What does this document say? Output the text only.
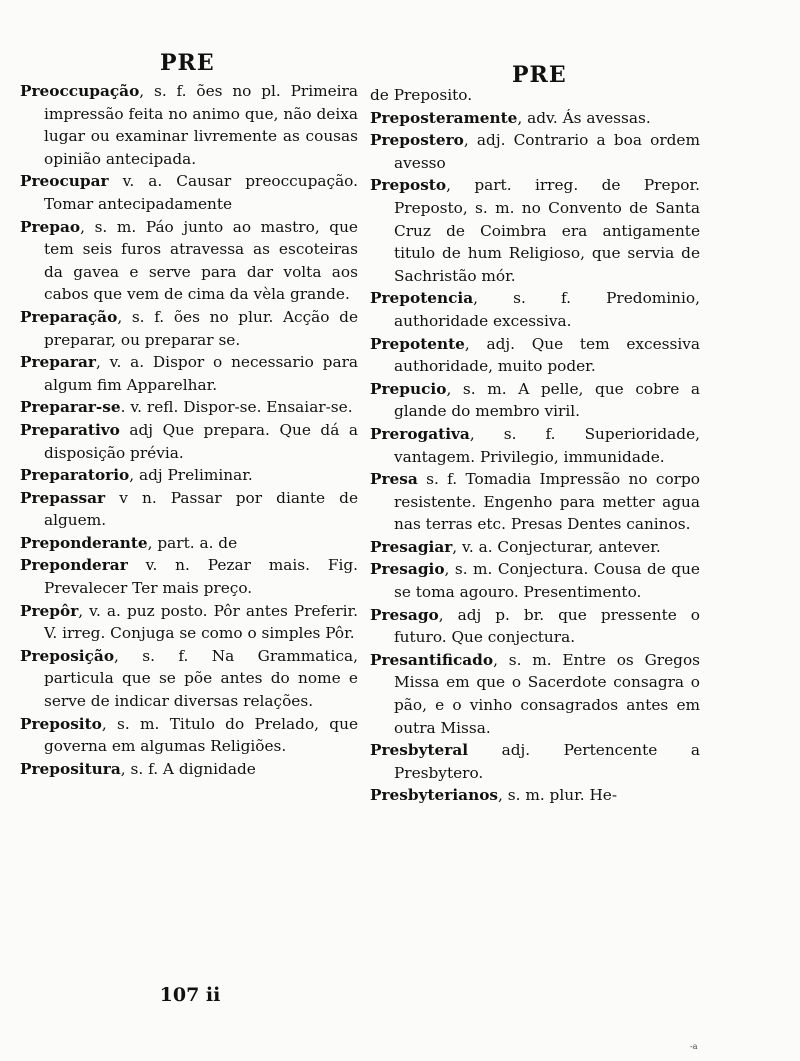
PRE	PRE

Preoccupação, s. f. ões no pl. Primeira impressão feita no animo que, não deixa lugar ou examinar livremente as cousas opinião antecipada.

Preocupar v. a. Causar preoccupação. Tomar antecipadamente

Prepao, s. m. Páo junto ao mastro, que tem seis furos atravessa as escoteiras da gavea e serve para dar volta aos cabos que vem de cima da vèla grande.

Preparação, s. f. ões no plur. Acção de preparar, ou preparar se.

Preparar, v. a. Dispor o necessario para algum fim Apparelhar.

Preparar-se. v. refl. Dispor-se. Ensaiar-se.

Preparativo adj Que prepara. Que dá a disposição prévia.

Preparatorio, adj Preliminar.

Prepassar v n. Passar por diante de alguem.

Preponderante, part. a. de

Preponderar v. n. Pezar mais. Fig. Prevalecer Ter mais preço.

Prepôr, v. a. puz posto. Pôr antes Preferir. V. irreg. Conjuga se como o simples Pôr.

Preposição, s. f. Na Grammatica, particula que se põe antes do nome e serve de indicar diversas relações.

Preposito, s. m. Titulo do Prelado, que governa em algumas Religiões.

Prepositura, s. f. A dignidade

de Preposito.

Preposteramente, adv. Ás avessas.

Prepostero, adj. Contrario a boa ordem avesso

Preposto, part. irreg. de Prepor. Preposto, s. m. no Convento de Santa Cruz de Coimbra era antigamente titulo de hum Religioso, que servia de Sachristão mór.

Prepotencia, s. f. Predominio, authoridade excessiva.

Prepotente, adj. Que tem excessiva authoridade, muito poder.

Prepucio, s. m. A pelle, que cobre a glande do membro viril.

Prerogativa, s. f. Superioridade, vantagem. Privilegio, immunidade.

Presa s. f. Tomadia Impressão no corpo resistente. Engenho para metter agua nas terras etc. Presas Dentes caninos.

Presagiar, v. a. Conjecturar, antever.

Presagio, s. m. Conjectura. Cousa de que se toma agouro. Presentimento.

Presago, adj p. br. que pressente o futuro. Que conjectura.

Presantificado, s. m. Entre os Gregos Missa em que o Sacerdote consagra o pão, e o vinho consagrados antes em outra Missa.

Presbyteral adj. Pertencente a Presbytero.

Presbyterianos, s. m. plur. He-

107 ii
-a
